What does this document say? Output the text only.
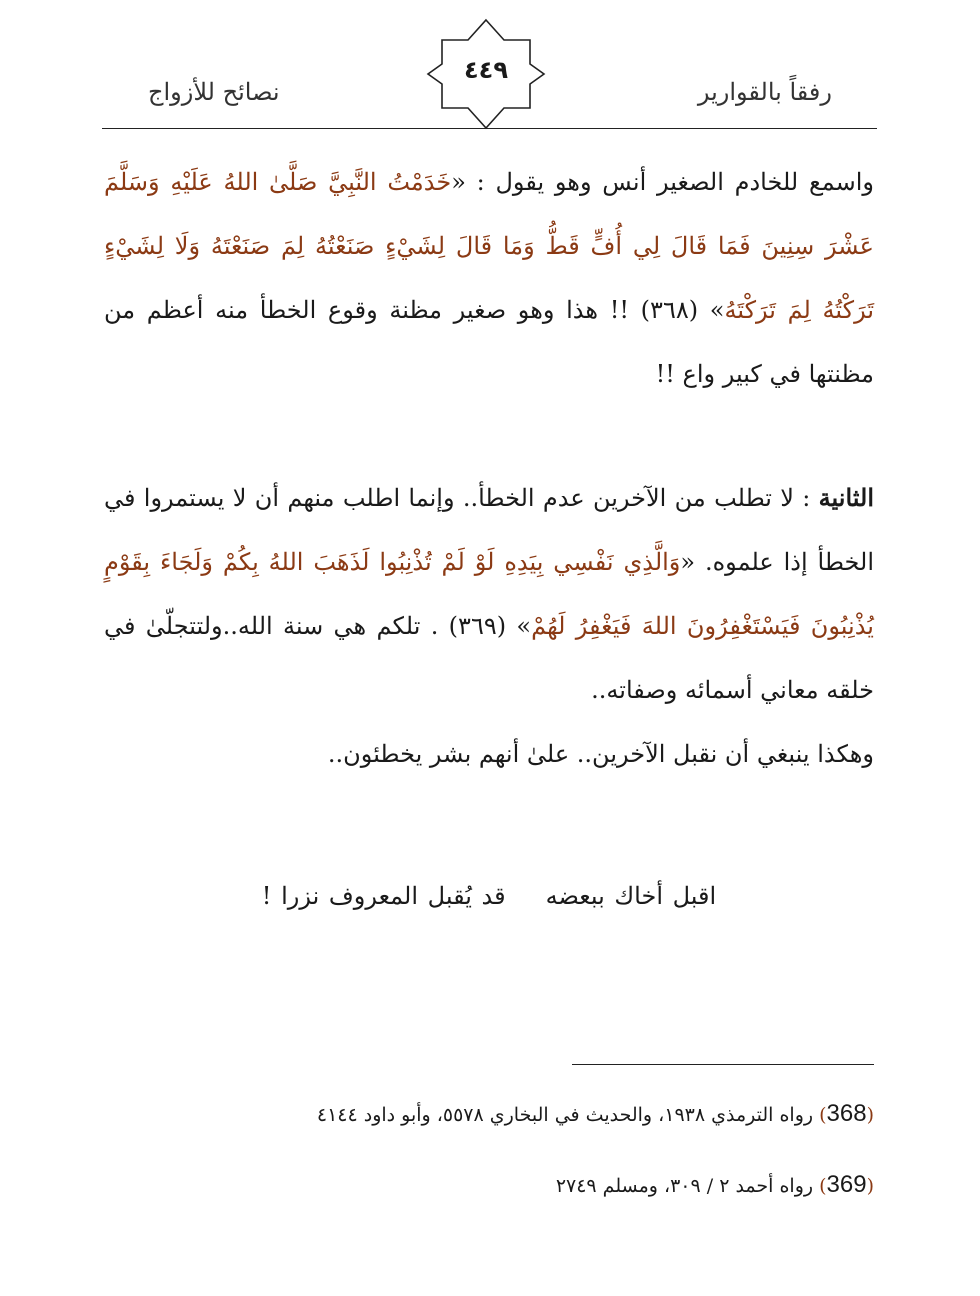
رفقاً بالقوارير
٤٤٩
نصائح للأزواج

واسمع للخادم الصغير أنس وهو يقول : «خَدَمْتُ النَّبِيَّ صَلَّىٰ اللهُ عَلَيْهِ وَسَلَّمَ عَشْرَ سِنِينَ فَمَا قَالَ لِي أُفٍّ قَطُّ وَمَا قَالَ لِشَيْءٍ صَنَعْتُهُ لِمَ صَنَعْتَهُ وَلَا لِشَيْءٍ تَرَكْتُهُ لِمَ تَرَكْتَهُ» (٣٦٨) !! هذا وهو صغير مظنة وقوع الخطأ منه أعظم من مظنتها في كبير واع !!

الثانية : لا تطلب من الآخرين عدم الخطأ.. وإنما اطلب منهم أن لا يستمروا في الخطأ إذا علموه. «وَالَّذِي نَفْسِي بِيَدِهِ لَوْ لَمْ تُذْنِبُوا لَذَهَبَ اللهُ بِكُمْ وَلَجَاءَ بِقَوْمٍ يُذْنِبُونَ فَيَسْتَغْفِرُونَ اللهَ فَيَغْفِرُ لَهُمْ» (٣٦٩) . تلكم هي سنة الله..ولتتجلّىٰ في خلقه معاني أسمائه وصفاته..

وهكذا ينبغي أن نقبل الآخرين.. علىٰ أنهم بشر يخطئون..

اقبل أخاك ببعضهقد يُقبل المعروف نزرا !

(368) رواه الترمذي ١٩٣٨، والحديث في البخاري ٥٥٧٨، وأبو داود ٤١٤٤

(369) رواه أحمد ٢ / ٣٠٩، ومسلم ٢٧٤٩
